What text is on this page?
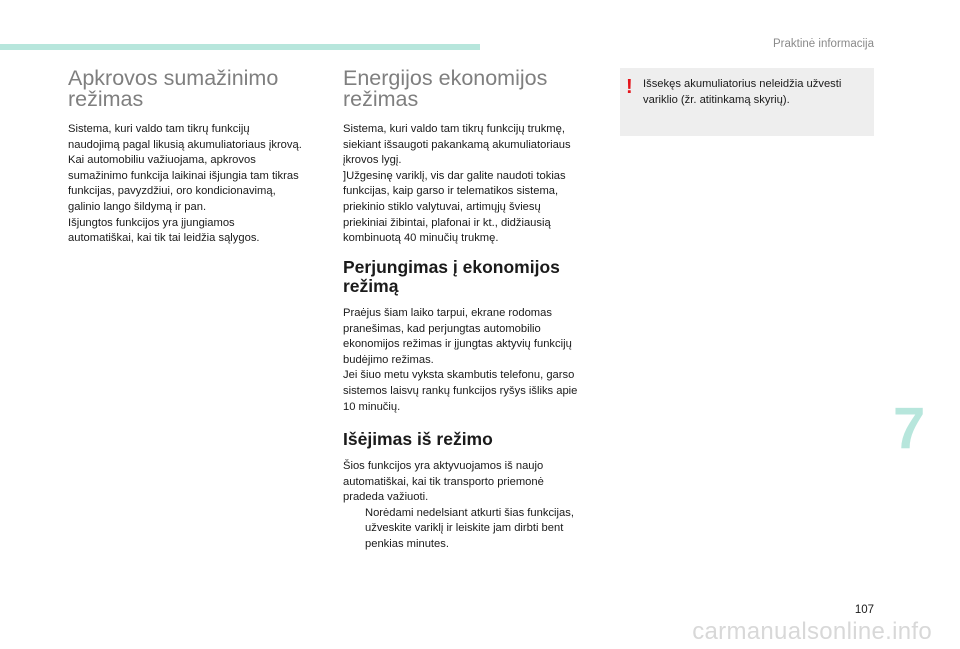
Praktinė informacija
Apkrovos sumažinimo
režimas

Sistema, kuri valdo tam tikrų funkcijų
naudojimą pagal likusią akumuliatoriaus įkrovą.
Kai automobiliu važiuojama, apkrovos
sumažinimo funkcija laikinai išjungia tam tikras
funkcijas, pavyzdžiui, oro kondicionavimą,
galinio lango šildymą ir pan.
Išjungtos funkcijos yra įjungiamos
automatiškai, kai tik tai leidžia sąlygos.

Energijos ekonomijos
režimas

Sistema, kuri valdo tam tikrų funkcijų trukmę,
siekiant išsaugoti pakankamą akumuliatoriaus
įkrovos lygį.
]Užgesinę variklį, vis dar galite naudoti tokias
funkcijas, kaip garso ir telematikos sistema,
priekinio stiklo valytuvai, artimųjų šviesų
priekiniai žibintai, plafonai ir kt., didžiausią
kombinuotą 40 minučių trukmę.

Perjungimas į ekonomijos
režimą

Praėjus šiam laiko tarpui, ekrane rodomas
pranešimas, kad perjungtas automobilio
ekonomijos režimas ir įjungtas aktyvių funkcijų
budėjimo režimas.
Jei šiuo metu vyksta skambutis telefonu, garso
sistemos laisvų rankų funkcijos ryšys išliks apie
10 minučių.

Išėjimas iš režimo

Šios funkcijos yra aktyvuojamos iš naujo
automatiškai, kai tik transporto priemonė
pradeda važiuoti.

Norėdami nedelsiant atkurti šias funkcijas,
užveskite variklį ir leiskite jam dirbti bent
penkias minutes.
! Išsekęs akumuliatorius neleidžia užvesti
variklio (žr. atitinkamą skyrių).
7
107
carmanualsonline.info
